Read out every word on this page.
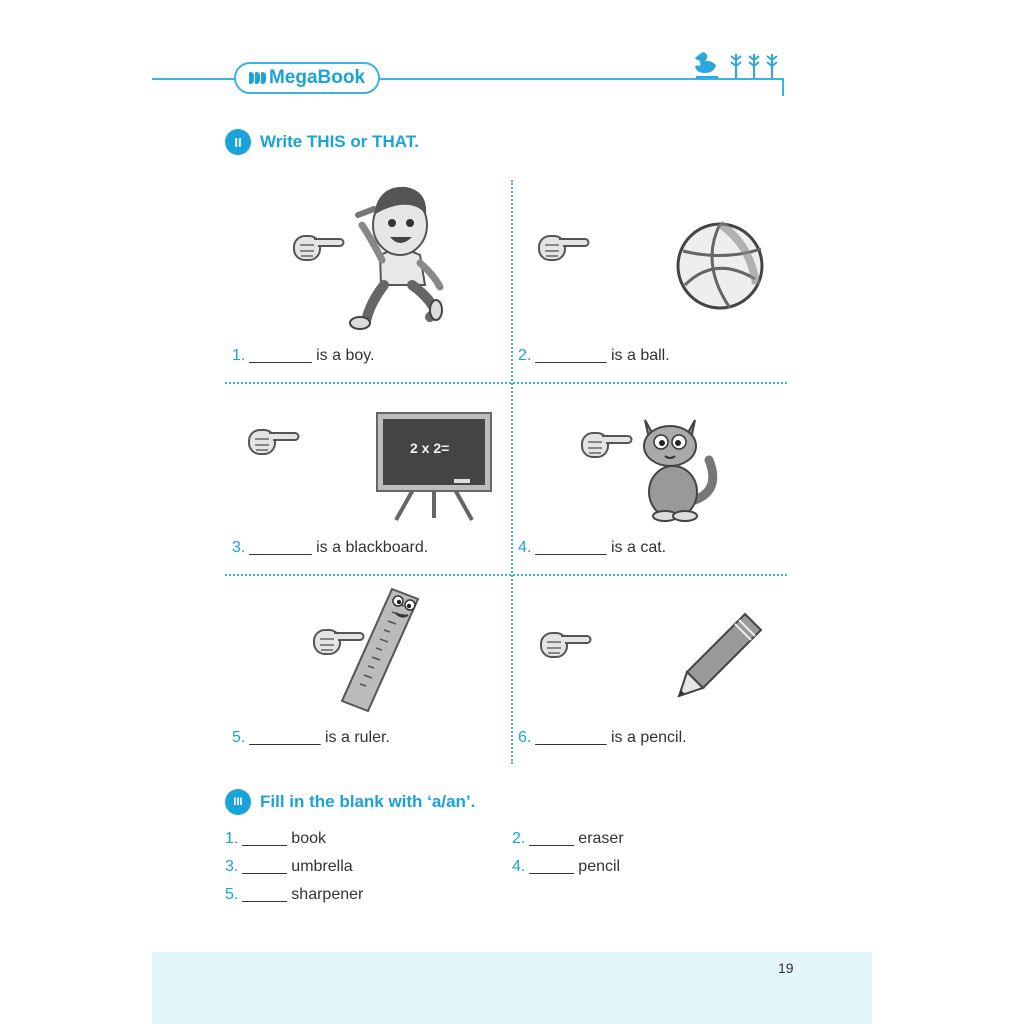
MegaBook
II	Write THIS or THAT.
2 x 2=
1. _______ is a boy.	2. ________ is a ball.
3. _______ is a blackboard.	4. ________ is a cat.
5. ________ is a ruler.	6. ________ is a pencil.
III	Fill in the blank with ‘a/an’.
1. _____ book	2. _____ eraser
3. _____ umbrella	4. _____ pencil
5. _____ sharpener
19
